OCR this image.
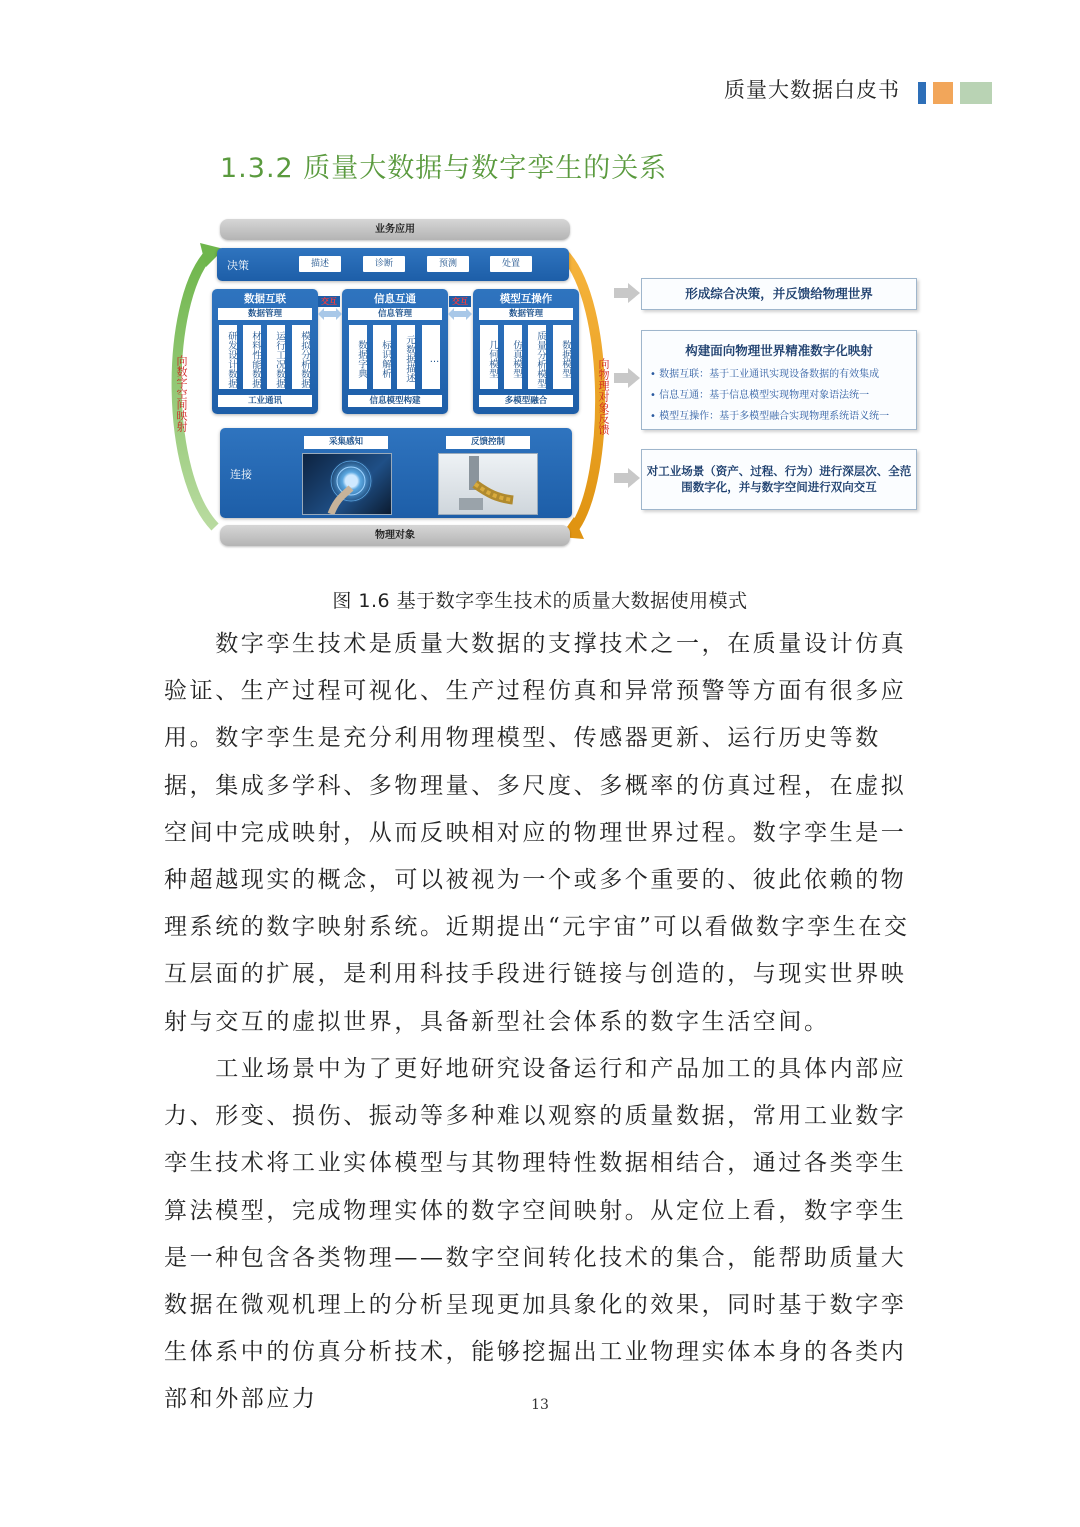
质量大数据白皮书
1.3.2 质量大数据与数字孪生的关系
向数字空间映射	向物理对象反馈
业务应用
决策	描述	诊断	预测	处置
数据互联
数据管理
研发设计数据	材料性能数据	运行工况数据	模拟分析数据
工业通讯
信息互通
信息管理
数据字典	标识解析	元数据描述	…
信息模型构建
模型互操作
数据管理
几何模型	仿真模型	质量分析模型	数据模型
多模型融合
交互	交互
连接
采集感知	反馈控制
物理对象
形成综合决策，并反馈给物理世界
构建面向物理世界精准数字化映射
• 数据互联：基于工业通讯实现设备数据的有效集成
• 信息互通：基于信息模型实现物理对象语法统一
• 模型互操作：基于多模型融合实现物理系统语义统一
对工业场景（资产、过程、行为）进行深层次、全范
围数字化，并与数字空间进行双向交互
图 1.6 基于数字孪生技术的质量大数据使用模式

　　数字孪生技术是质量大数据的支撑技术之一，在质量设计仿真验证、生产过程可视化、生产过程仿真和异常预警等方面有很多应用。数字孪生是充分利用物理模型、传感器更新、运行历史等数据，集成多学科、多物理量、多尺度、多概率的仿真过程，在虚拟空间中完成映射，从而反映相对应的物理世界过程。数字孪生是一种超越现实的概念，可以被视为一个或多个重要的、彼此依赖的物理系统的数字映射系统。近期提出“元宇宙”可以看做数字孪生在交互层面的扩展，是利用科技手段进行链接与创造的，与现实世界映射与交互的虚拟世界，具备新型社会体系的数字生活空间。

　　工业场景中为了更好地研究设备运行和产品加工的具体内部应力、形变、损伤、振动等多种难以观察的质量数据，常用工业数字孪生技术将工业实体模型与其物理特性数据相结合，通过各类孪生算法模型，完成物理实体的数字空间映射。从定位上看，数字孪生是一种包含各类物理——数字空间转化技术的集合，能帮助质量大数据在微观机理上的分析呈现更加具象化的效果，同时基于数字孪生体系中的仿真分析技术，能够挖掘出工业物理实体本身的各类内部和外部应力	13
